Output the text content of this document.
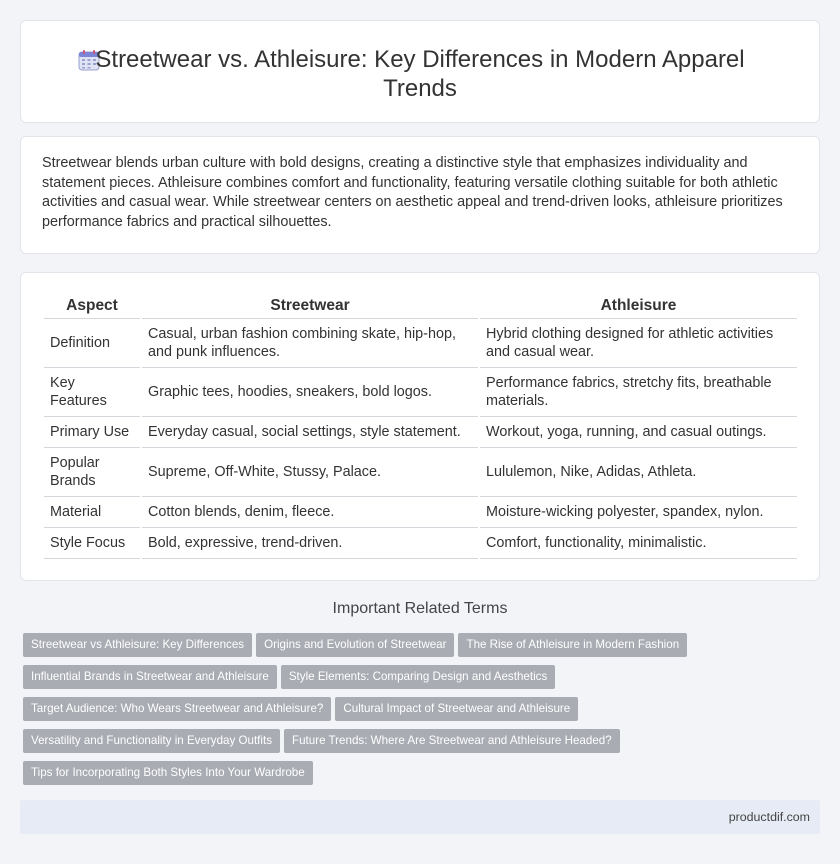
Streetwear vs. Athleisure: Key Differences in Modern Apparel Trends

Streetwear blends urban culture with bold designs, creating a distinctive style that emphasizes individuality and statement pieces. Athleisure combines comfort and functionality, featuring versatile clothing suitable for both athletic activities and casual wear. While streetwear centers on aesthetic appeal and trend-driven looks, athleisure prioritizes performance fabrics and practical silhouettes.

Aspect	Streetwear	Athleisure
Definition	Casual, urban fashion combining skate, hip-hop, and punk influences.	Hybrid clothing designed for athletic activities and casual wear.
Key Features	Graphic tees, hoodies, sneakers, bold logos.	Performance fabrics, stretchy fits, breathable materials.
Primary Use	Everyday casual, social settings, style statement.	Workout, yoga, running, and casual outings.
Popular Brands	Supreme, Off-White, Stussy, Palace.	Lululemon, Nike, Adidas, Athleta.
Material	Cotton blends, denim, fleece.	Moisture-wicking polyester, spandex, nylon.
Style Focus	Bold, expressive, trend-driven.	Comfort, functionality, minimalistic.
Important Related Terms
Streetwear vs Athleisure: Key Differences Origins and Evolution of Streetwear The Rise of Athleisure in Modern Fashion
Influential Brands in Streetwear and Athleisure Style Elements: Comparing Design and Aesthetics
Target Audience: Who Wears Streetwear and Athleisure? Cultural Impact of Streetwear and Athleisure
Versatility and Functionality in Everyday Outfits Future Trends: Where Are Streetwear and Athleisure Headed?
Tips for Incorporating Both Styles Into Your Wardrobe
productdif.com
